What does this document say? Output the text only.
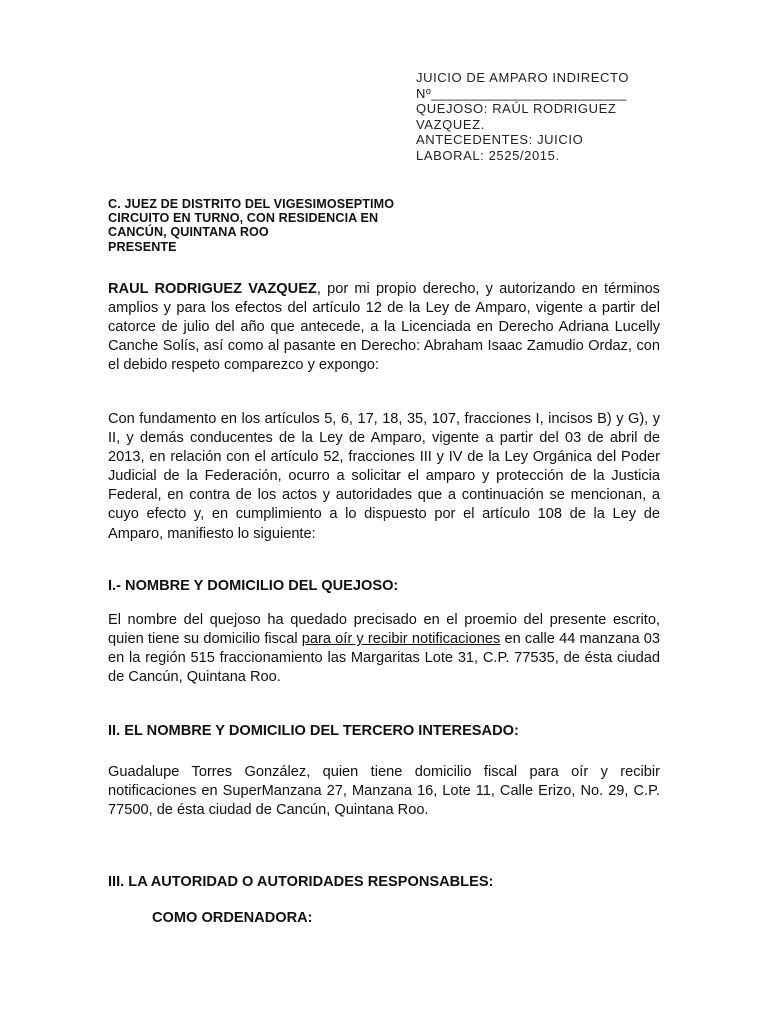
JUICIO DE AMPARO INDIRECTO
Nº_________________________
QUEJOSO: RAÚL RODRIGUEZ
VAZQUEZ.
ANTECEDENTES: JUICIO
LABORAL: 2525/2015.
C. JUEZ DE DISTRITO DEL VIGESIMOSEPTIMO
CIRCUITO EN TURNO, CON RESIDENCIA EN
CANCÚN, QUINTANA ROO
PRESENTE
RAUL RODRIGUEZ VAZQUEZ, por mi propio derecho, y autorizando en términos amplios y para los efectos del artículo 12 de la Ley de Amparo, vigente a partir del catorce de julio del año que antecede, a la Licenciada en Derecho Adriana Lucelly Canche Solís, así como al pasante en Derecho: Abraham Isaac Zamudio Ordaz, con el debido respeto comparezco y expongo:
Con fundamento en los artículos 5, 6, 17, 18, 35, 107, fracciones I, incisos B) y G), y II, y demás conducentes de la Ley de Amparo, vigente a partir del 03 de abril de 2013, en relación con el artículo 52, fracciones III y IV de la Ley Orgánica del Poder Judicial de la Federación, ocurro a solicitar el amparo y protección de la Justicia Federal, en contra de los actos y autoridades que a continuación se mencionan, a cuyo efecto y, en cumplimiento a lo dispuesto por el artículo 108 de la Ley de Amparo, manifiesto lo siguiente:
I.- NOMBRE Y DOMICILIO DEL QUEJOSO:
El nombre del quejoso ha quedado precisado en el proemio del presente escrito, quien tiene su domicilio fiscal para oír y recibir notificaciones en calle 44 manzana 03 en la región 515 fraccionamiento las Margaritas Lote 31, C.P. 77535, de ésta ciudad de Cancún, Quintana Roo.
II. EL NOMBRE Y DOMICILIO DEL TERCERO INTERESADO:
Guadalupe Torres González, quien tiene domicilio fiscal para oír y recibir notificaciones en SuperManzana 27, Manzana 16, Lote 11, Calle Erizo, No. 29, C.P. 77500, de ésta ciudad de Cancún, Quintana Roo.
III. LA AUTORIDAD O AUTORIDADES RESPONSABLES:
COMO ORDENADORA:
